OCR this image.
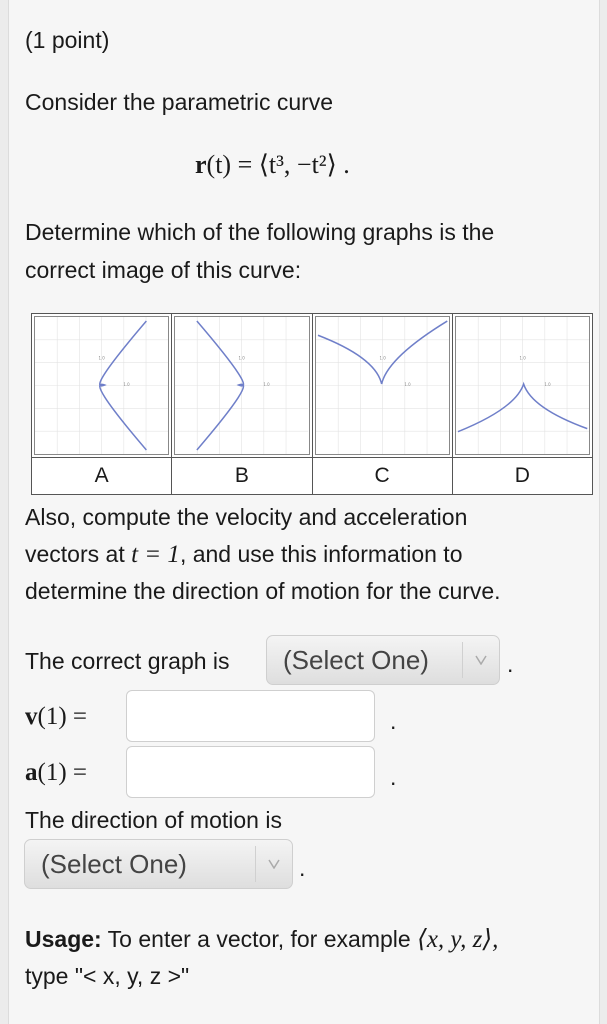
(1 point)
Consider the parametric curve
r(t) = ⟨t³, −t²⟩ .
Determine which of the following graphs is the
correct image of this curve:
1.0
1.0	1.0
1.0	1.0
1.0	1.0
1.0

A	B	C	D
Also, compute the velocity and acceleration
vectors at t = 1, and use this information to
determine the direction of motion for the curve.
The correct graph is	(Select One)	.
v(1) =	.
a(1) =	.
The direction of motion is
(Select One)	.
Usage: To enter a vector, for example ⟨x, y, z⟩,
type "< x, y, z >"
